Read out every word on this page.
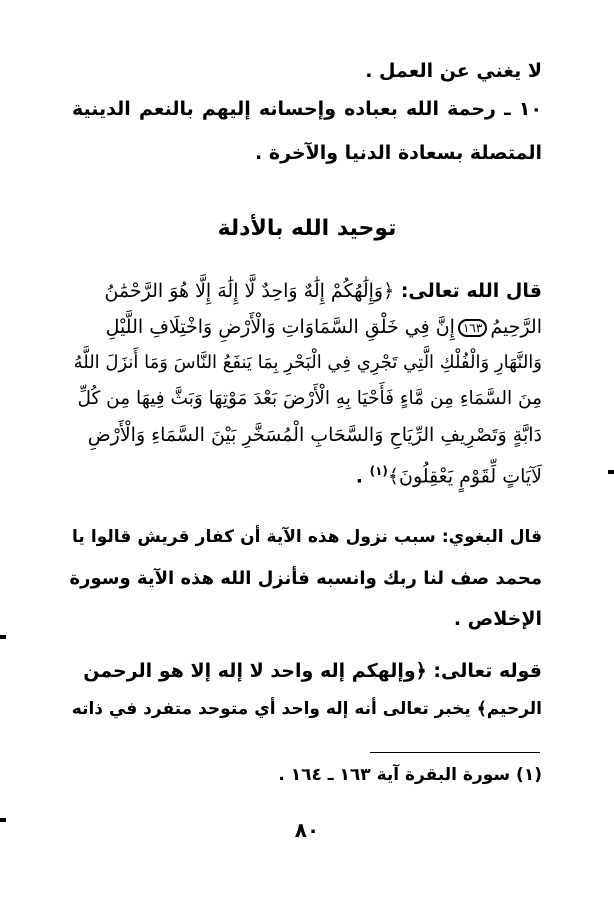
لا يغني عن العمل .
١٠ ـ رحمة الله بعباده وإحسانه إليهم بالنعم الدينية
المتصلة بسعادة الدنيا والآخرة .
توحيد الله بالأدلة
قال الله تعالى: ﴿وَإِلَٰهُكُمْ إِلَٰهٌ وَاحِدٌ لَّا إِلَٰهَ إِلَّا هُوَ الرَّحْمَٰنُ
الرَّحِيمُ١٦٣إِنَّ فِي خَلْقِ السَّمَاوَاتِ وَالْأَرْضِ وَاخْتِلَافِ اللَّيْلِ
وَالنَّهَارِ وَالْفُلْكِ الَّتِي تَجْرِي فِي الْبَحْرِ بِمَا يَنفَعُ النَّاسَ وَمَا أَنزَلَ اللَّهُ
مِنَ السَّمَاءِ مِن مَّاءٍ فَأَحْيَا بِهِ الْأَرْضَ بَعْدَ مَوْتِهَا وَبَثَّ فِيهَا مِن كُلِّ
دَابَّةٍ وَتَصْرِيفِ الرِّيَاحِ وَالسَّحَابِ الْمُسَخَّرِ بَيْنَ السَّمَاءِ وَالْأَرْضِ
لَآيَاتٍ لِّقَوْمٍ يَعْقِلُونَ﴾$^{(١)}$ .
قال البغوي: سبب نزول هذه الآية أن كفار قريش قالوا يا
محمد صف لنا ربك وانسبه فأنزل الله هذه الآية وسورة
الإخلاص .
قوله تعالى: ﴿وإلهكم إله واحد لا إله إلا هو الرحمن
الرحيم﴾ يخبر تعالى أنه إله واحد أي متوحد متفرد في ذاته
(١) سورة البقرة آية ١٦٣ ـ ١٦٤ .
٨٠
